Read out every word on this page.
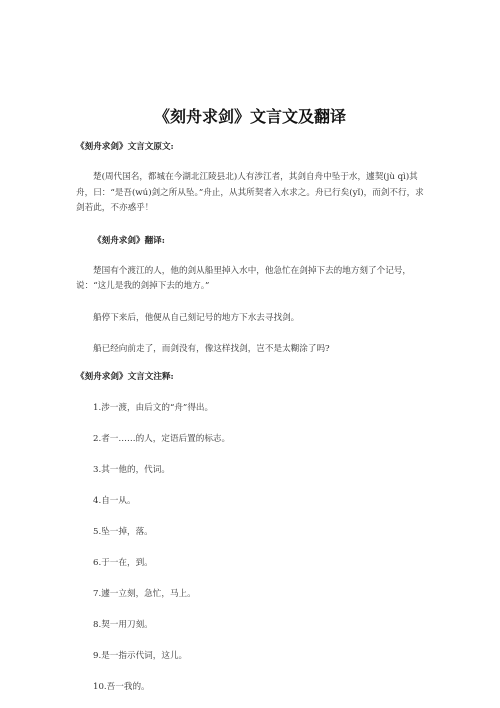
《刻舟求剑》文言文及翻译

《刻舟求剑》文言文原文:

楚(周代国名，都城在今湖北江陵县北)人有涉江者，其剑自舟中坠于水，遽契(jù qì)其舟，曰：“是吾(wú)剑之所从坠。”舟止，从其所契者入水求之。舟已行矣(yǐ)，而剑不行，求剑若此，不亦惑乎！

《刻舟求剑》翻译:

楚国有个渡江的人，他的剑从船里掉入水中，他急忙在剑掉下去的地方刻了个记号，说：“这儿是我的剑掉下去的地方。”

船停下来后，他便从自己刻记号的地方下水去寻找剑。

船已经向前走了，而剑没有，像这样找剑，岂不是太糊涂了吗?

《刻舟求剑》文言文注释:

1.涉一渡，由后文的“舟”得出。

2.者一……的人，定语后置的标志。

3.其一他的，代词。

4.自一从。

5.坠一掉，落。

6.于一在，到。

7.遽一立刻，急忙，马上。

8.契一用刀刻。

9.是一指示代词，这儿。

10.吾一我的。
